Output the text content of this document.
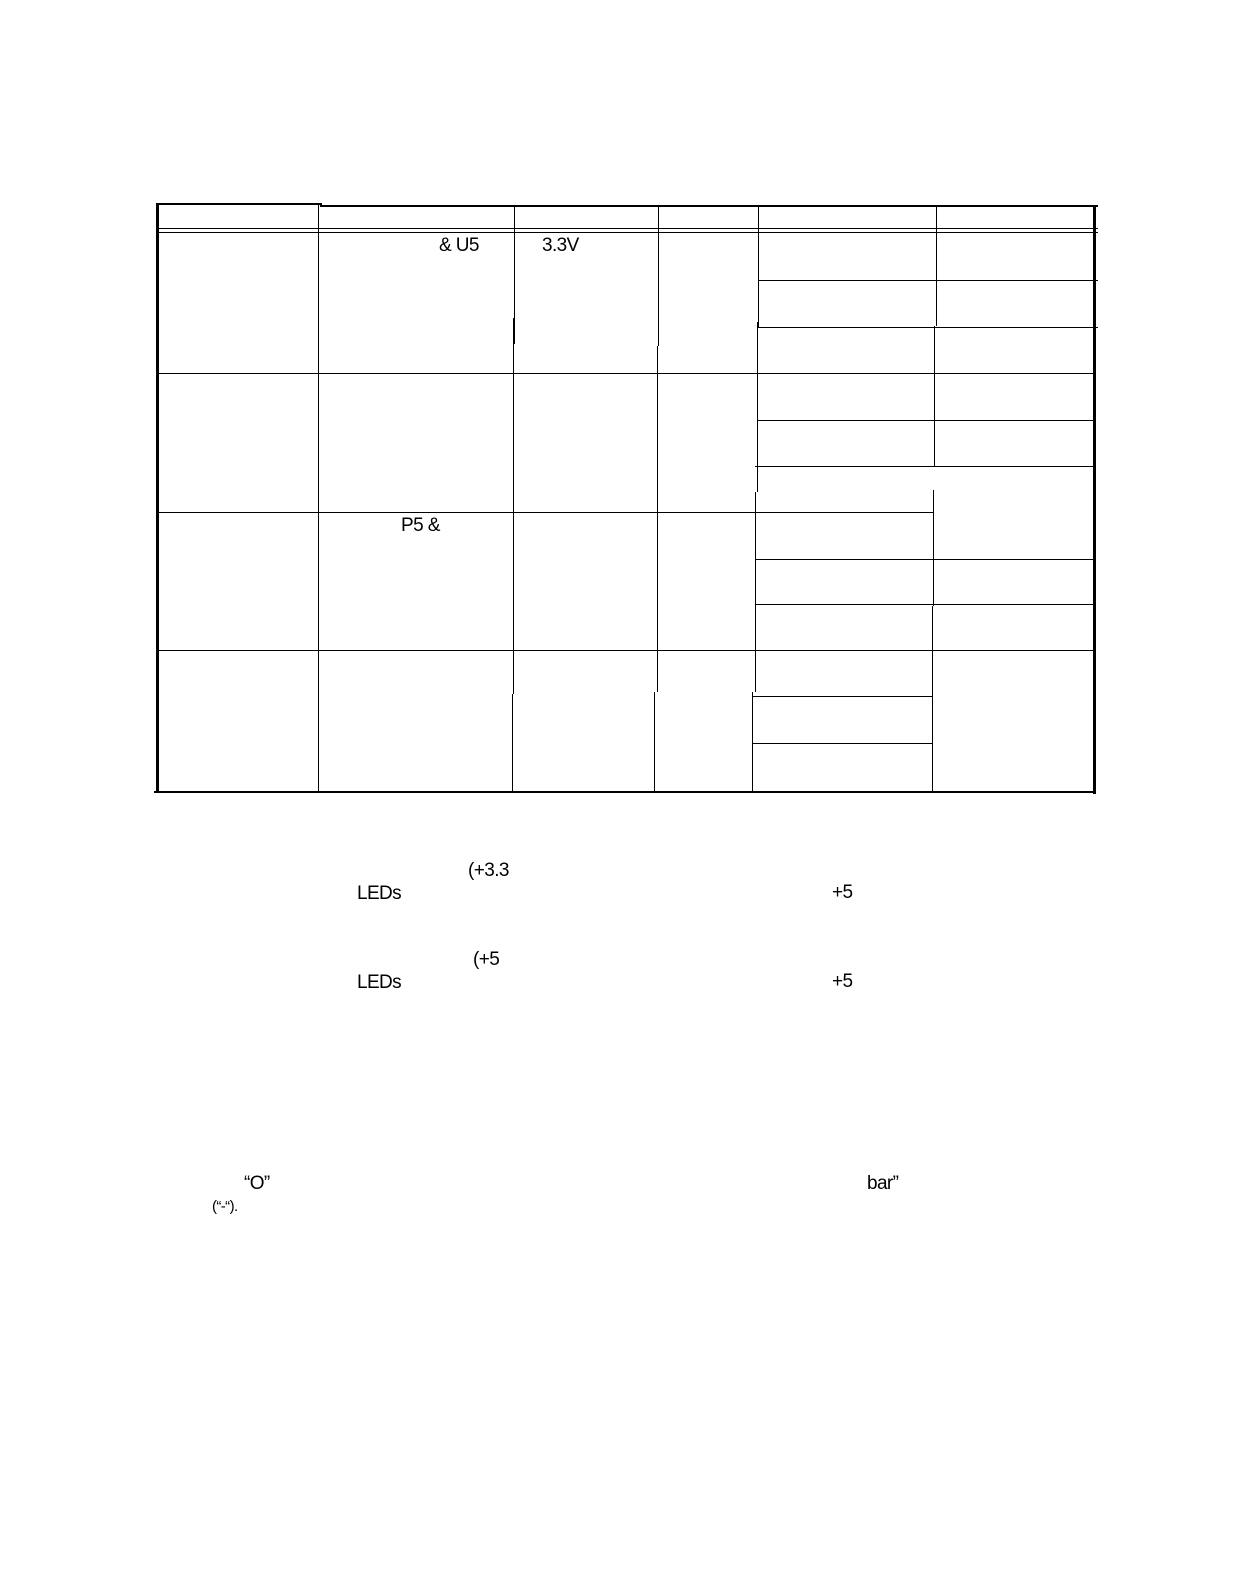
& U5	3.3V
P5 &
(+3.3
LEDs	+5
(+5
LEDs	+5
“O”	bar”
(“-“).
